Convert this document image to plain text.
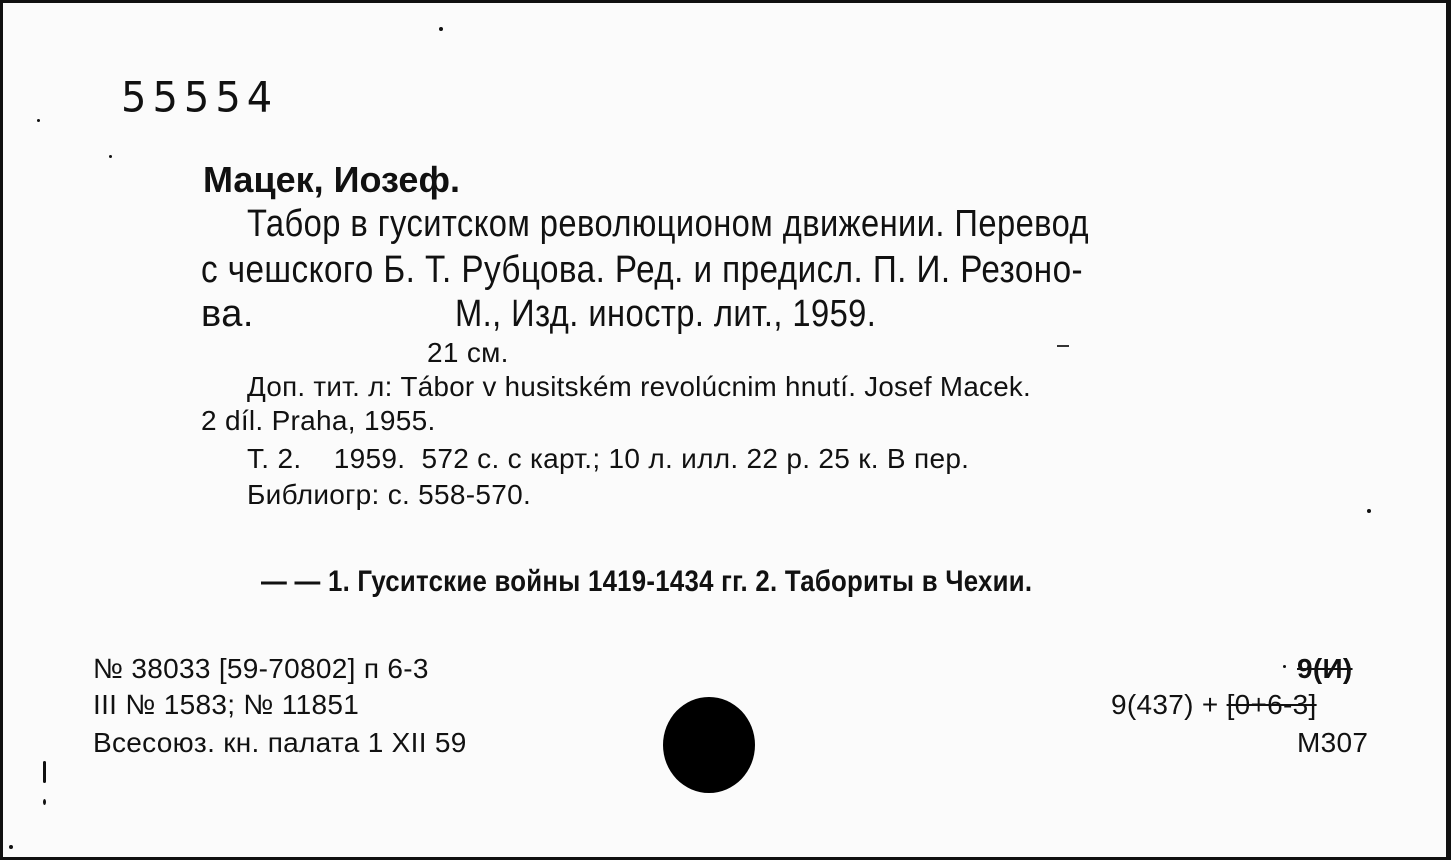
55554
Мацек, Иозеф.
Табор в гуситском революционом движении. Перевод
с чешского Б. Т. Рубцова. Ред. и предисл. П. И. Резоно-
ва.	М., Изд. иностр. лит., 1959.
21 см.
Доп. тит. л: Tábor v husitském revolúcnim hnutí. Josef Macek.
2 díl. Praha, 1955.
Т. 2.    1959.  572 с. с карт.; 10 л. илл. 22 р. 25 к. В пер.
Библиогр: с. 558-570.
— — 1. Гуситские войны 1419-1434 гг. 2. Табориты в Чехии.
№ 38033 [59-70802] п 6-3
III № 1583; № 11851
Всесоюз. кн. палата 1 XII 59
9(И)
9(437) + [0+6-3]
М307
